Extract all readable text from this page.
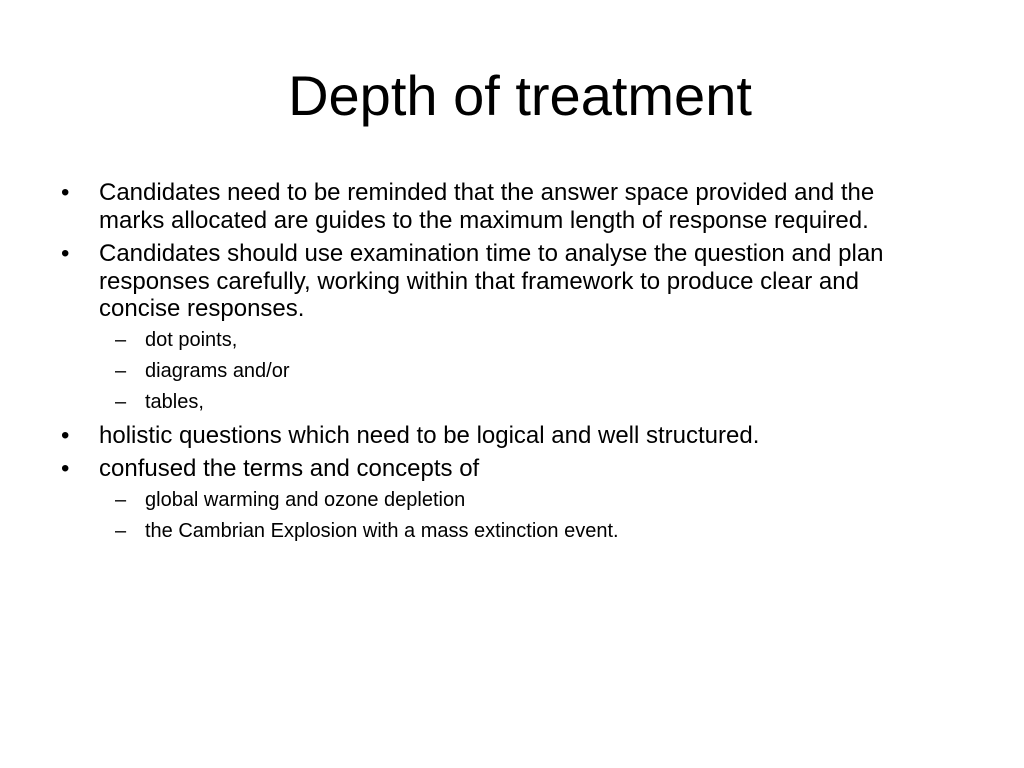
Depth of treatment
• Candidates need to be reminded that the answer space provided and the marks allocated are guides to the maximum length of response required.
• Candidates should use examination time to analyse the question and plan responses carefully, working within that framework to produce clear and concise responses.
– dot points,
– diagrams and/or
– tables,
• holistic questions which need to be logical and well structured.
• confused the terms and concepts of
– global warming and ozone depletion
– the Cambrian Explosion with a mass extinction event.
